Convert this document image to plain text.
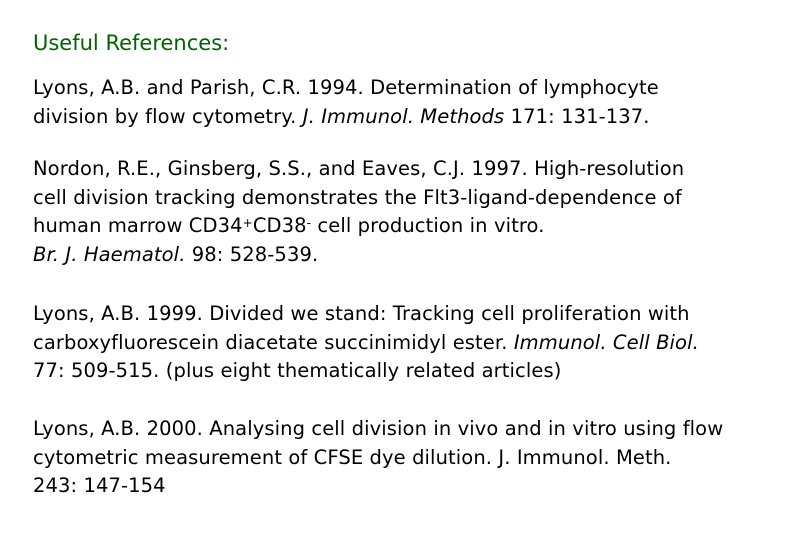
Useful References:
Lyons, A.B. and Parish, C.R. 1994. Determination of lymphocyte
division by flow cytometry. J. Immunol. Methods 171: 131-137.
Nordon, R.E., Ginsberg, S.S., and Eaves, C.J. 1997. High-resolution
cell division tracking demonstrates the Flt3-ligand-dependence of
human marrow CD34+CD38- cell production in vitro.
Br. J. Haematol. 98: 528-539.
Lyons, A.B. 1999. Divided we stand: Tracking cell proliferation with
carboxyfluorescein diacetate succinimidyl ester. Immunol. Cell Biol.
77: 509-515. (plus eight thematically related articles)
Lyons, A.B. 2000. Analysing cell division in vivo and in vitro using flow
cytometric measurement of CFSE dye dilution. J. Immunol. Meth.
243: 147-154
